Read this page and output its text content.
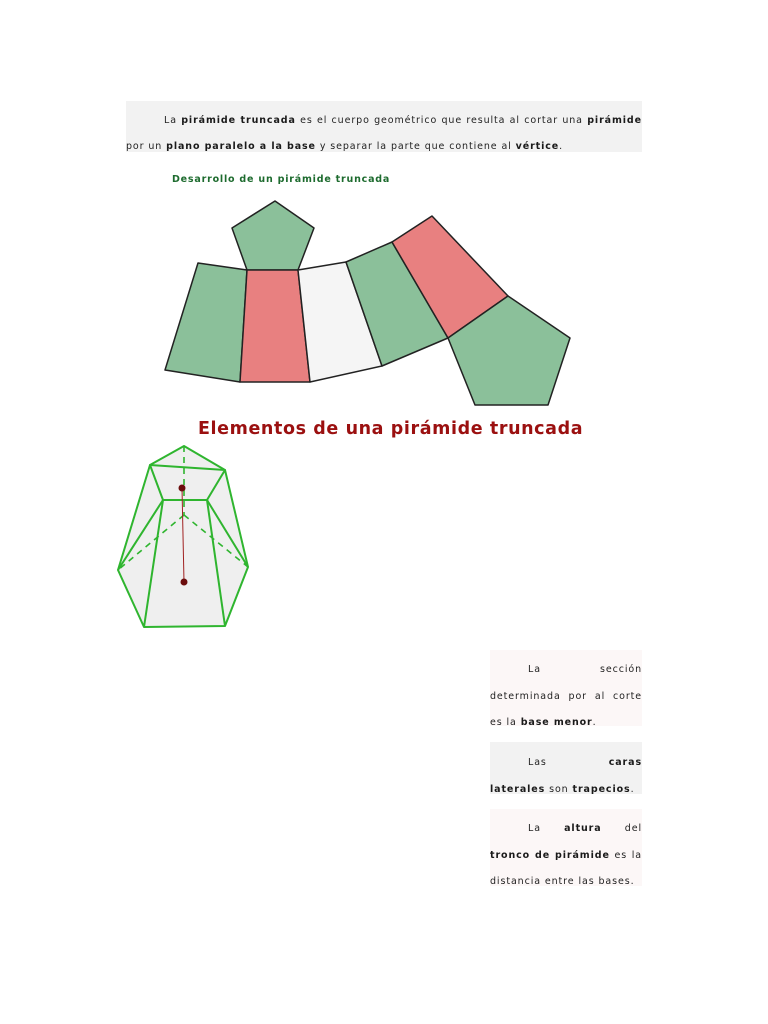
La pirámide truncada es el cuerpo geométrico que resulta al cortar una pirámide por un plano paralelo a la base y separar la parte que contiene al vértice.

Desarrollo de un pirámide truncada
Elementos de una pirámide truncada

La sección determinada por al corte es la base menor.

Las caras laterales son trapecios.

La altura del tronco de pirámide es la distancia entre las bases.
